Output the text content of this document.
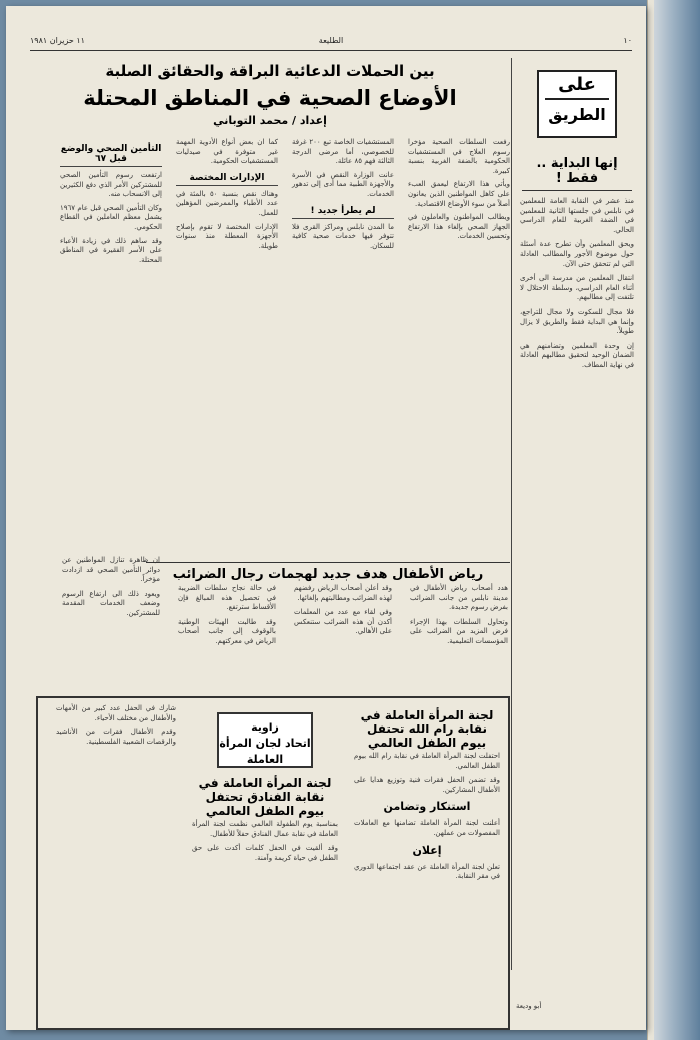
١٠
الطليعة
١١ حزيران ١٩٨١
على
الطريق
إنها البداية .. فقط !

منذ عشر في النقابة العامة للمعلمين في نابلس في جلستها الثانية للمعلمين في الضفة الغربية للعام الدراسي الحالي.

ويحق المعلمين وأن تطرح عدة أسئلة حول موضوع الأجور والمطالب العادلة التي لم تتحقق حتى الآن.

انتقال المعلمين من مدرسة الى أخرى أثناء العام الدراسي، وسلطة الاحتلال لا تلتفت إلى مطالبهم.

فلا مجال للسكوت ولا مجال للتراجع، وإنما هي البداية فقط والطريق لا يزال طويلاً.

إن وحدة المعلمين وتضامنهم هي الضمان الوحيد لتحقيق مطالبهم العادلة في نهاية المطاف.

أبو وديعة
بين الحملات الدعائية البراقة والحقائق الصلبة
الأوضاع الصحية في المناطق المحتلة
إعداد / محمد التوباني

رفعت السلطات الصحية مؤخرا رسوم العلاج في المستشفيات الحكومية بالضفة الغربية بنسبة كبيرة.

ويأتي هذا الارتفاع ليعمق العبء على كاهل المواطنين الذين يعانون أصلاً من سوء الأوضاع الاقتصادية.

ويطالب المواطنون والعاملون في الجهاز الصحي بإلغاء هذا الارتفاع وتحسين الخدمات.

المستشفيات الخاصة تبع ٢٠٠ غرفة للخصوصي، أما مرضى الدرجة الثالثة فهم ٨٥ عائلة.

عانت الوزارة النقص في الأسرة والأجهزة الطبية مما أدى إلى تدهور الخدمات.

لم يطرأ جديد !

ما المدن نابلس ومراكز القرى فلا تتوفر فيها خدمات صحية كافية للسكان.

كما ان بعض أنواع الأدوية المهمة غير متوفرة في صيدليات المستشفيات الحكومية.

الإدارات المختصة

وهناك نقص بنسبة ٥٠ بالمئة في عدد الأطباء والممرضين المؤهلين للعمل.

الإدارات المختصة لا تقوم بإصلاح الأجهزة المعطلة منذ سنوات طويلة.

التأمين الصحي والوضع قبل ٦٧

ارتفعت رسوم التأمين الصحي للمشتركين الأمر الذي دفع الكثيرين إلى الانسحاب منه.

وكان التأمين الصحي قبل عام ١٩٦٧ يشمل معظم العاملين في القطاع الحكومي.

وقد ساهم ذلك في زيادة الأعباء على الأسر الفقيرة في المناطق المحتلة.

رياض الأطفال هدف جديد لهجمات رجال الضرائب

هدد أصحاب رياض الأطفال في مدينة نابلس من جانب الضرائب بفرض رسوم جديدة.

وتحاول السلطات بهذا الإجراء فرض المزيد من الضرائب على المؤسسات التعليمية.

وقد أعلن أصحاب الرياض رفضهم لهذه الضرائب ومطالبتهم بإلغائها.

وفي لقاء مع عدد من المعلمات أكدن أن هذه الضرائب ستنعكس على الأهالي.

في حالة نجاح سلطات الضريبة في تحصيل هذه المبالغ فإن الأقساط سترتفع.

وقد طالبت الهيئات الوطنية بالوقوف إلى جانب أصحاب الرياض في معركتهم.

ان ظاهرة تنازل المواطنين عن دوائر التأمين الصحي قد ازدادت مؤخراً.

ويعود ذلك الى ارتفاع الرسوم وضعف الخدمات المقدمة للمشتركين.

لجنة المرأة العاملة في نقابة رام الله تحتفل بيوم الطفل العالمي

احتفلت لجنة المرأة العاملة في نقابة رام الله بيوم الطفل العالمي.

وقد تضمن الحفل فقرات فنية وتوزيع هدايا على الأطفال المشاركين.

استنكار وتضامن

أعلنت لجنة المرأة العاملة تضامنها مع العاملات المفصولات من عملهن.

إعلان

تعلن لجنة المرأة العاملة عن عقد اجتماعها الدوري في مقر النقابة.

زاوية
اتحاد لجان المرأة العاملة
لجنة المرأة العاملة في نقابة الفنادق تحتفل بيوم الطفل العالمي

بمناسبة يوم الطفولة العالمي نظمت لجنة المرأة العاملة في نقابة عمال الفنادق حفلاً للأطفال.

وقد ألقيت في الحفل كلمات أكدت على حق الطفل في حياة كريمة وآمنة.

شارك في الحفل عدد كبير من الأمهات والأطفال من مختلف الأحياء.

وقدم الأطفال فقرات من الأناشيد والرقصات الشعبية الفلسطينية.
